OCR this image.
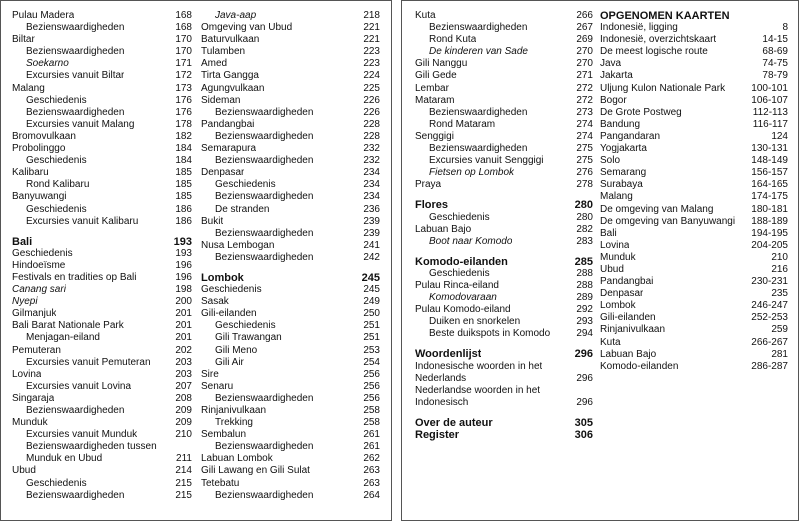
Pulau Madera	168
Bezienswaardigheden	168
Biltar	170
Bezienswaardigheden	170
Soekarno	171
Excursies vanuit Biltar	172
Malang	173
Geschiedenis	176
Bezienswaardigheden	176
Excursies vanuit Malang	178
Bromovulkaan	182
Probolinggo	184
Geschiedenis	184
Kalibaru	185
Rond Kalibaru	185
Banyuwangi	185
Geschiedenis	186
Excursies vanuit Kalibaru	186
Bali	193
Geschiedenis	193
Hindoeïsme	196
Festivals en tradities op Bali	196
Canang sari	198
Nyepi	200
Gilmanjuk	201
Bali Barat Nationale Park	201
Menjagan-eiland	201
Pemuteran	202
Excursies vanuit Pemuteran	203
Lovina	203
Excursies vanuit Lovina	207
Singaraja	208
Bezienswaardigheden	209
Munduk	209
Excursies vanuit Munduk	210
Bezienswaardigheden tussen
Munduk en Ubud	211
Ubud	214
Geschiedenis	215
Bezienswaardigheden	215
Java-aap	218
Omgeving van Ubud	221
Baturvulkaan	221
Tulamben	223
Amed	223
Tirta Gangga	224
Agungvulkaan	225
Sideman	226
Bezienswaardigheden	226
Pandangbai	228
Bezienswaardigheden	228
Semarapura	232
Bezienswaardigheden	232
Denpasar	234
Geschiedenis	234
Bezienswaardigheden	234
De stranden	236
Bukit	239
Bezienswaardigheden	239
Nusa Lembogan	241
Bezienswaardigheden	242
Lombok	245
Geschiedenis	245
Sasak	249
Gili-eilanden	250
Geschiedenis	251
Gili Trawangan	251
Gili Meno	253
Gili Air	254
Sire	256
Senaru	256
Bezienswaardigheden	256
Rinjanivulkaan	258
Trekking	258
Sembalun	261
Bezienswaardigheden	261
Labuan Lombok	262
Gili Lawang en Gili Sulat	263
Tetebatu	263
Bezienswaardigheden	264
Kuta	266
Bezienswaardigheden	267
Rond Kuta	269
De kinderen van Sade	270
Gili Nanggu	270
Gili Gede	271
Lembar	272
Mataram	272
Bezienswaardigheden	273
Rond Mataram	274
Senggigi	274
Bezienswaardigheden	275
Excursies vanuit Senggigi	275
Fietsen op Lombok	276
Praya	278
Flores	280
Geschiedenis	280
Labuan Bajo	282
Boot naar Komodo	283
Komodo-eilanden	285
Geschiedenis	288
Pulau Rinca-eiland	288
Komodovaraan	289
Pulau Komodo-eiland	292
Duiken en snorkelen	293
Beste duikspots in Komodo	294
Woordenlijst	296
Indonesische woorden in het
Nederlands	296
Nederlandse woorden in het
Indonesisch	296
Over de auteur	305
Register	306
OPGENOMEN KAARTEN
Indonesië, ligging	8
Indonesië, overzichtskaart	14-15
De meest logische route	68-69
Java	74-75
Jakarta	78-79
Uljung Kulon Nationale Park	100-101
Bogor	106-107
De Grote Postweg	112-113
Bandung	116-117
Pangandaran	124
Yogjakarta	130-131
Solo	148-149
Semarang	156-157
Surabaya	164-165
Malang	174-175
De omgeving van Malang	180-181
De omgeving van Banyuwangi	188-189
Bali	194-195
Lovina	204-205
Munduk	210
Ubud	216
Pandangbai	230-231
Denpasar	235
Lombok	246-247
Gili-eilanden	252-253
Rinjanivulkaan	259
Kuta	266-267
Labuan Bajo	281
Komodo-eilanden	286-287
